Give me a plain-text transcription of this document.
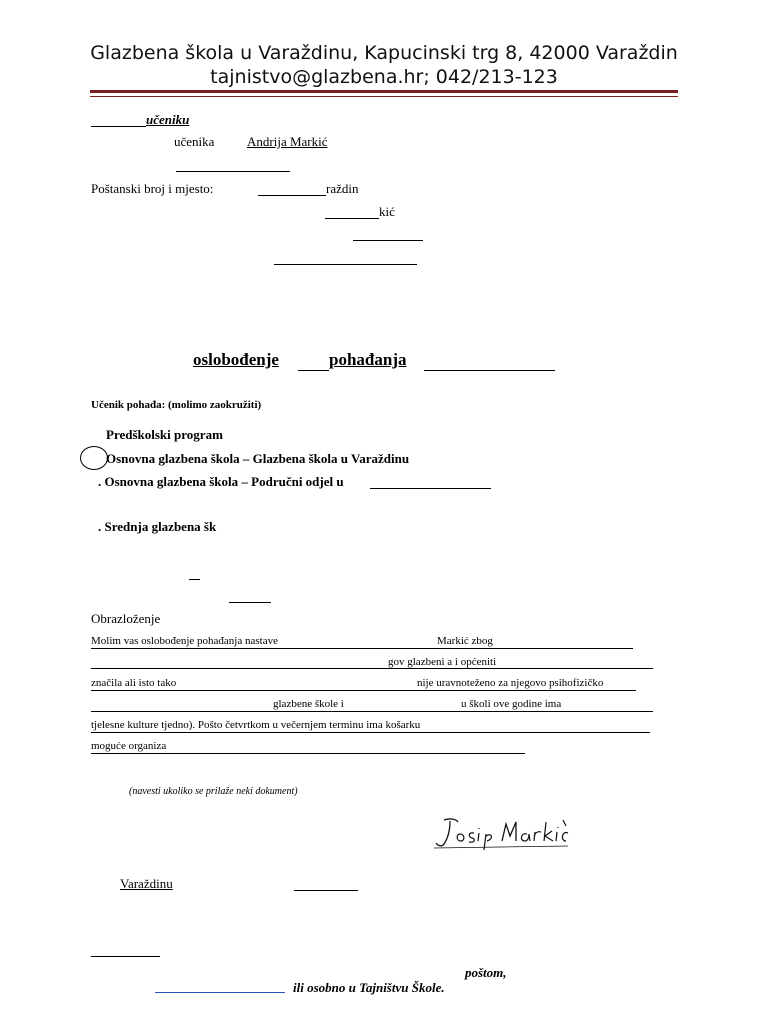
Glazbena škola u Varaždinu, Kapucinski trg 8, 42000 Varaždin
tajnistvo@glazbena.hr; 042/213-123
učeniku
učenika	Andrija Markić
Poštanski broj i mjesto:	raždin
kić
oslobođenje	pohađanja
Učenik pohađa: (molimo zaokružiti)
Predškolski program
Osnovna glazbena škola – Glazbena škola u Varaždinu
. Osnovna glazbena škola – Područni odjel u
. Srednja glazbena šk
Obrazloženje
Molim vas oslobođenje pohađanja nastave	Markić zbog
gov glazbeni a i općeniti
značila ali isto tako	nije uravnoteženo za njegovo psihofizičko
glazbene škole i	u školi ove godine ima
tjelesne kulture tjedno). Pošto četvrtkom u večernjem terminu ima košarku
moguće organiza
(navesti ukoliko se prilaže neki dokument)
Varaždinu
poštom,
ili osobno u Tajništvu Škole.
